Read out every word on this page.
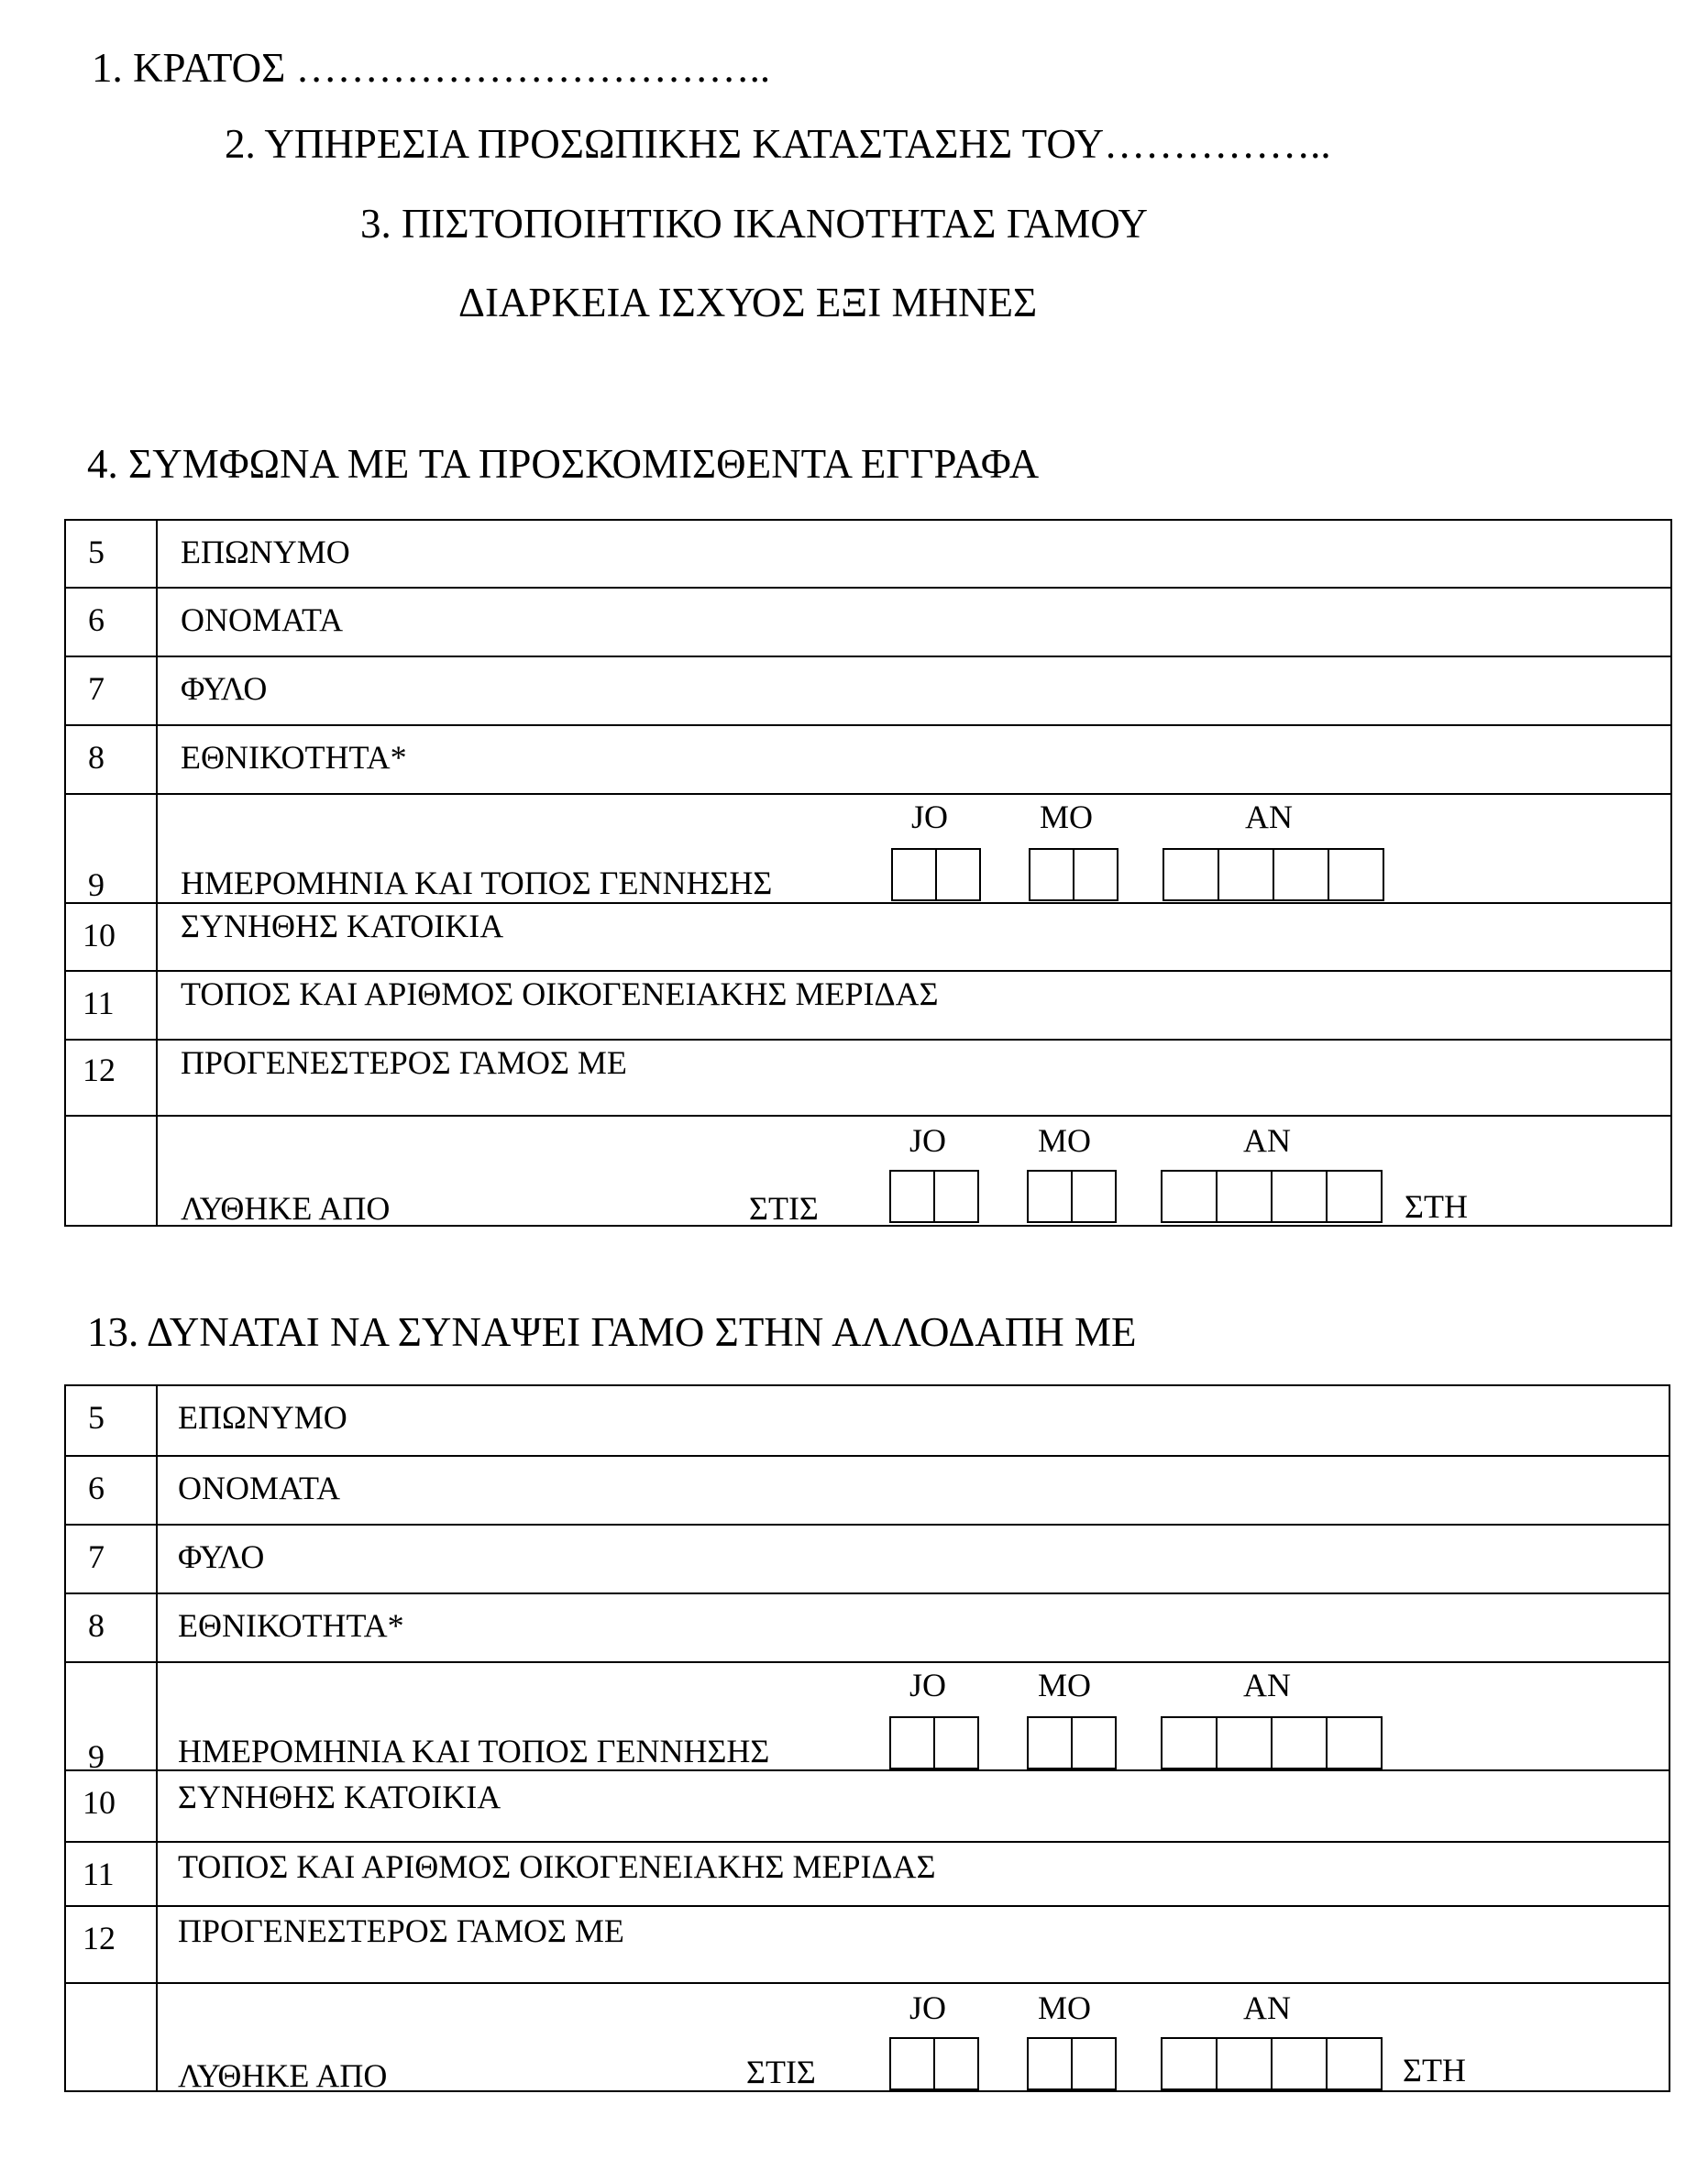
1. ΚΡΑΤΟΣ ……………………………..
2. ΥΠΗΡΕΣΙΑ ΠΡΟΣΩΠΙΚΗΣ ΚΑΤΑΣΤΑΣΗΣ ΤΟΥ……………..
3. ΠΙΣΤΟΠΟΙΗΤΙΚΟ ΙΚΑΝΟΤΗΤΑΣ ΓΑΜΟΥ
ΔΙΑΡΚΕΙΑ ΙΣΧΥΟΣ ΕΞΙ ΜΗΝΕΣ
4. ΣΥΜΦΩΝΑ ΜΕ ΤΑ ΠΡΟΣΚΟΜΙΣΘΕΝΤΑ ΕΓΓΡΑΦΑ
5 ΕΠΩΝΥΜΟ
6 ΟΝΟΜΑΤΑ
7 ΦΥΛΟ
8 ΕΘΝΙΚΟΤΗΤΑ*
9 ΗΜΕΡΟΜΗΝΙΑ ΚΑΙ ΤΟΠΟΣ ΓΕΝΝΗΣΗΣ
JO	ΜΟ	ΑΝ
10 ΣΥΝΗΘΗΣ ΚΑΤΟΙΚΙΑ
11 ΤΟΠΟΣ ΚΑΙ ΑΡΙΘΜΟΣ ΟΙΚΟΓΕΝΕΙΑΚΗΣ ΜΕΡΙΔΑΣ
12 ΠΡΟΓΕΝΕΣΤΕΡΟΣ ΓΑΜΟΣ ΜΕ
ΛΥΘΗΚΕ ΑΠΟ	ΣΤΙΣ	ΣΤΗ
JO	ΜΟ	ΑΝ
13. ΔΥΝΑΤΑΙ ΝΑ ΣΥΝΑΨΕΙ ΓΑΜΟ ΣΤΗΝ ΑΛΛΟΔΑΠΗ ΜΕ
5 ΕΠΩΝΥΜΟ
6 ΟΝΟΜΑΤΑ
7 ΦΥΛΟ
8 ΕΘΝΙΚΟΤΗΤΑ*
9 ΗΜΕΡΟΜΗΝΙΑ ΚΑΙ ΤΟΠΟΣ ΓΕΝΝΗΣΗΣ
JO	ΜΟ	ΑΝ
10 ΣΥΝΗΘΗΣ ΚΑΤΟΙΚΙΑ
11 ΤΟΠΟΣ ΚΑΙ ΑΡΙΘΜΟΣ ΟΙΚΟΓΕΝΕΙΑΚΗΣ ΜΕΡΙΔΑΣ
12 ΠΡΟΓΕΝΕΣΤΕΡΟΣ ΓΑΜΟΣ ΜΕ
ΛΥΘΗΚΕ ΑΠΟ	ΣΤΙΣ	ΣΤΗ
JO	ΜΟ	ΑΝ
